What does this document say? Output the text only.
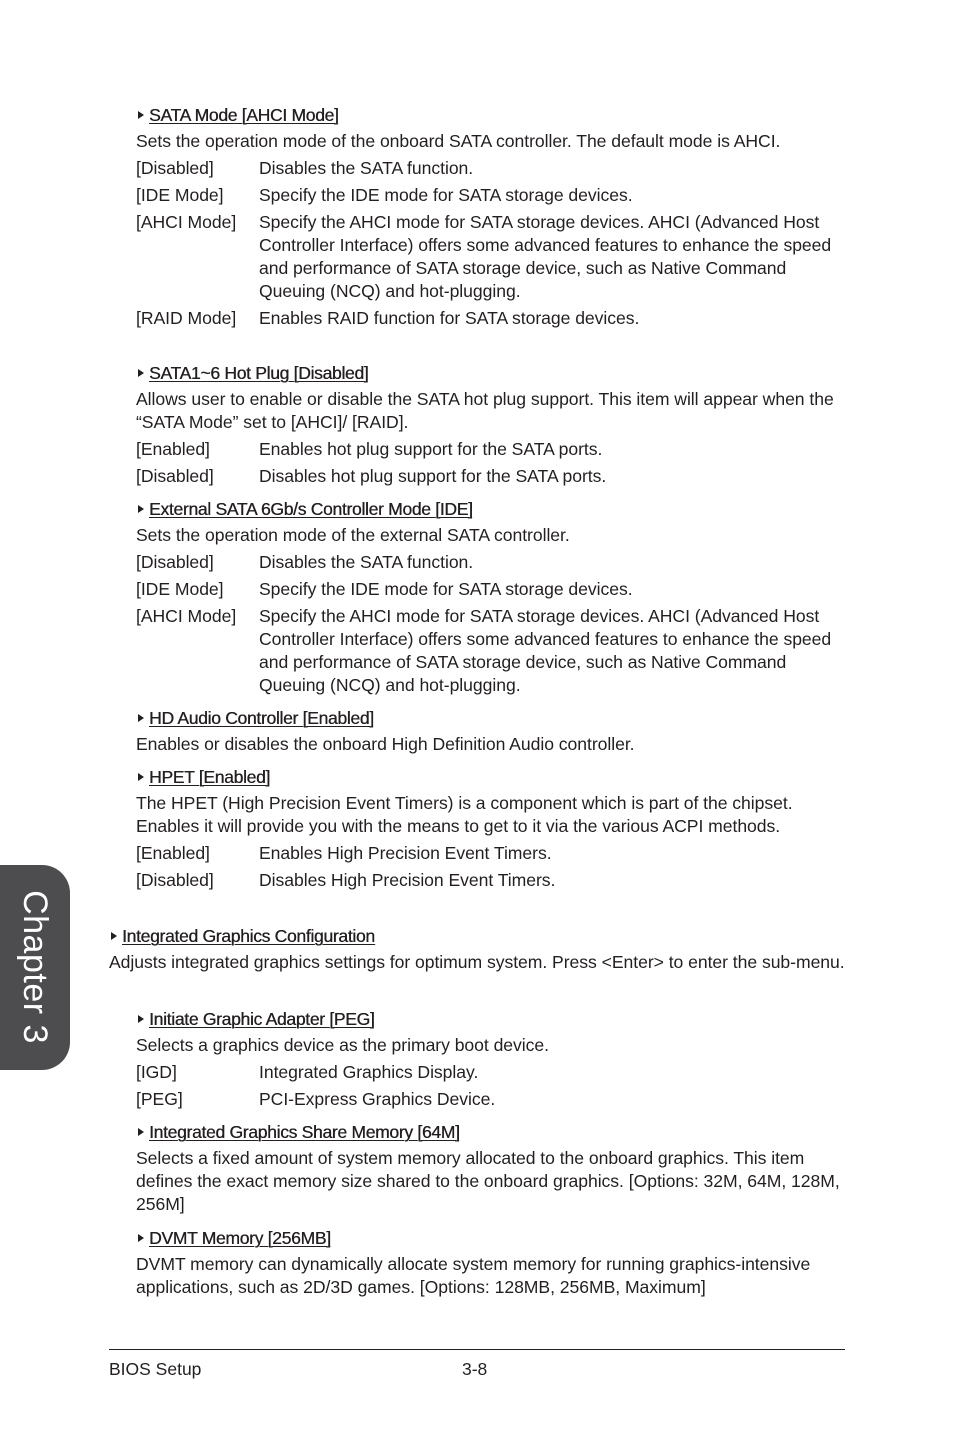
SATA Mode [AHCI Mode]
Sets the operation mode of the onboard SATA controller. The default mode is AHCI.
[Disabled]	Disables the SATA function.
[IDE Mode]	Specify the IDE mode for SATA storage devices.
[AHCI Mode]	Specify the AHCI mode for SATA storage devices. AHCI (Advanced Host Controller Interface) offers some advanced features to enhance the speed and performance of SATA storage device, such as Native Command Queuing (NCQ) and hot-plugging.
[RAID Mode]	Enables RAID function for SATA storage devices.
SATA1~6 Hot Plug [Disabled]
Allows user to enable or disable the SATA hot plug support. This item will appear when the “SATA Mode” set to [AHCI]/ [RAID].
[Enabled]	Enables hot plug support for the SATA ports.
[Disabled]	Disables hot plug support for the SATA ports.
External SATA 6Gb/s Controller Mode [IDE]
Sets the operation mode of the external SATA controller.
[Disabled]	Disables the SATA function.
[IDE Mode]	Specify the IDE mode for SATA storage devices.
[AHCI Mode]	Specify the AHCI mode for SATA storage devices. AHCI (Advanced Host Controller Interface) offers some advanced features to enhance the speed and performance of SATA storage device, such as Native Command Queuing (NCQ) and hot-plugging.
HD Audio Controller [Enabled]
Enables or disables the onboard High Definition Audio controller.
HPET [Enabled]
The HPET (High Precision Event Timers) is a component which is part of the chipset. Enables it will provide you with the means to get to it via the various ACPI methods.
[Enabled]	Enables High Precision Event Timers.
[Disabled]	Disables High Precision Event Timers.
Integrated Graphics Configuration
Adjusts integrated graphics settings for optimum system. Press <Enter> to enter the sub-menu.
Initiate Graphic Adapter [PEG]
Selects a graphics device as the primary boot device.
[IGD]	Integrated Graphics Display.
[PEG]	PCI-Express Graphics Device.
Integrated Graphics Share Memory [64M]
Selects a fixed amount of system memory allocated to the onboard graphics. This item defines the exact memory size shared to the onboard graphics. [Options: 32M, 64M, 128M, 256M]
DVMT Memory [256MB]
DVMT memory can dynamically allocate system memory for running graphics-intensive applications, such as 2D/3D games. [Options: 128MB, 256MB, Maximum]
Chapter 3
BIOS Setup	3-8
